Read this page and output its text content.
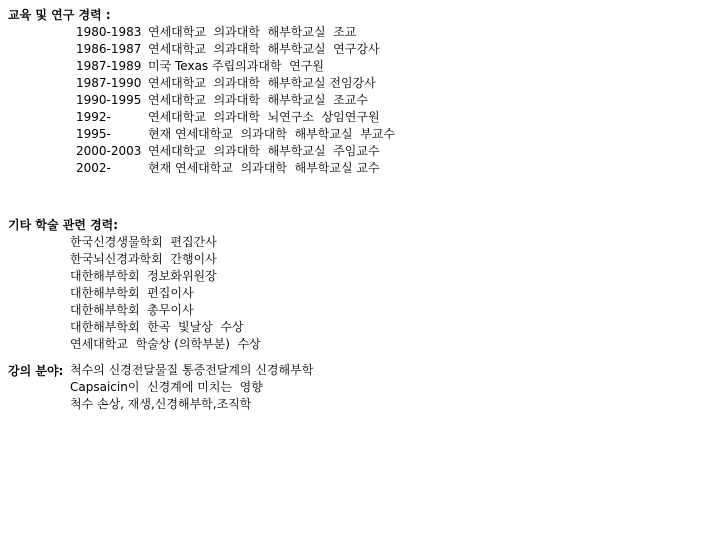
교육 및 연구 경력 :
1980-1983 연세대학교  의과대학  해부학교실  조교
1986-1987 연세대학교  의과대학  해부학교실  연구강사
1987-1989 미국 Texas 주립의과대학  연구원
1987-1990 연세대학교  의과대학  해부학교실 전임강사
1990-1995 연세대학교  의과대학  해부학교실  조교수
1992-	연세대학교  의과대학  뇌연구소  상임연구원
1995-	현재 연세대학교  의과대학  해부학교실  부교수
2000-2003 연세대학교  의과대학  해부학교실  주임교수
2002-	현재 연세대학교  의과대학  해부학교실 교수
기타 학술 관련 경력:
한국신경생물학회  편집간사
한국뇌신경과학회  간행이사
대한해부학회  정보화위원장
대한해부학회  편집이사
대한해부학회  총무이사
대한해부학회  한곡  빛날상  수상
연세대학교  학술상 (의학부분)  수상
강의 분야: 척수의 신경전달물질 통증전달계의 신경해부학
Capsaicin이  신경계에 미치는  영향
척수 손상, 재생,신경해부학,조직학
